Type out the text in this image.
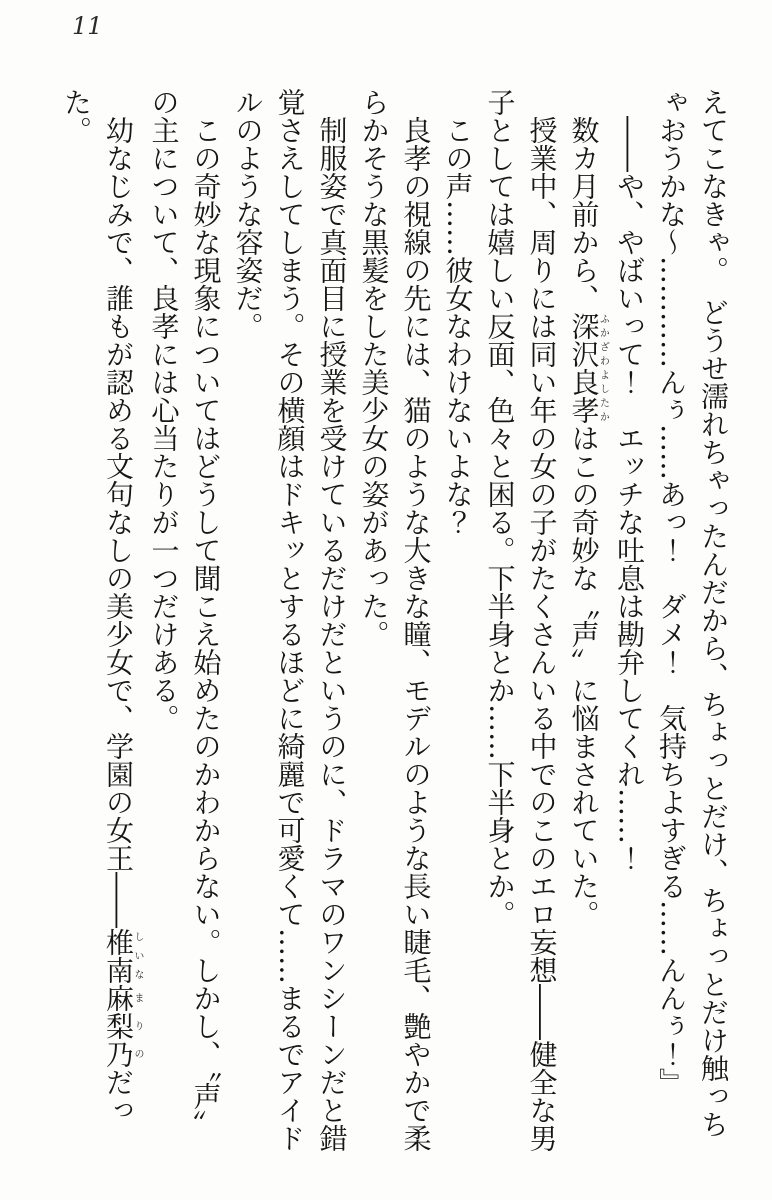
11

えてこなきゃ。　どうせ濡れちゃったんだから、ちょっとだけ、ちょっとだけ触っちゃおうかな〜…………んぅ……あっ！　ダメ！　気持ちよすぎる……んんぅ！』

――や、やばいって！　エッチな吐息は勘弁してくれ……！

数カ月前から、深沢ふかざわ良孝よしたかはこの奇妙な〝声〟に悩まされていた。

授業中、周りには同い年の女の子がたくさんいる中でのこのエロ妄想――健全な男子としては嬉しい反面、色々と困る。下半身とか……下半身とか。

この声……彼女なわけないよな？

良孝の視線の先には、猫のような大きな瞳、モデルのような長い睫毛、艶やかで柔らかそうな黒髪をした美少女の姿があった。

制服姿で真面目に授業を受けているだけだというのに、ドラマのワンシーンだと錯覚さえしてしまう。その横顔はドキッとするほどに綺麗で可愛くて……まるでアイドルのような容姿だ。

この奇妙な現象についてはどうして聞こえ始めたのかわからない。しかし、〝声〟の主について、良孝には心当たりが一つだけある。

幼なじみで、誰もが認める文句なしの美少女で、学園の女王――椎南しいな麻梨乃まりのだった。
